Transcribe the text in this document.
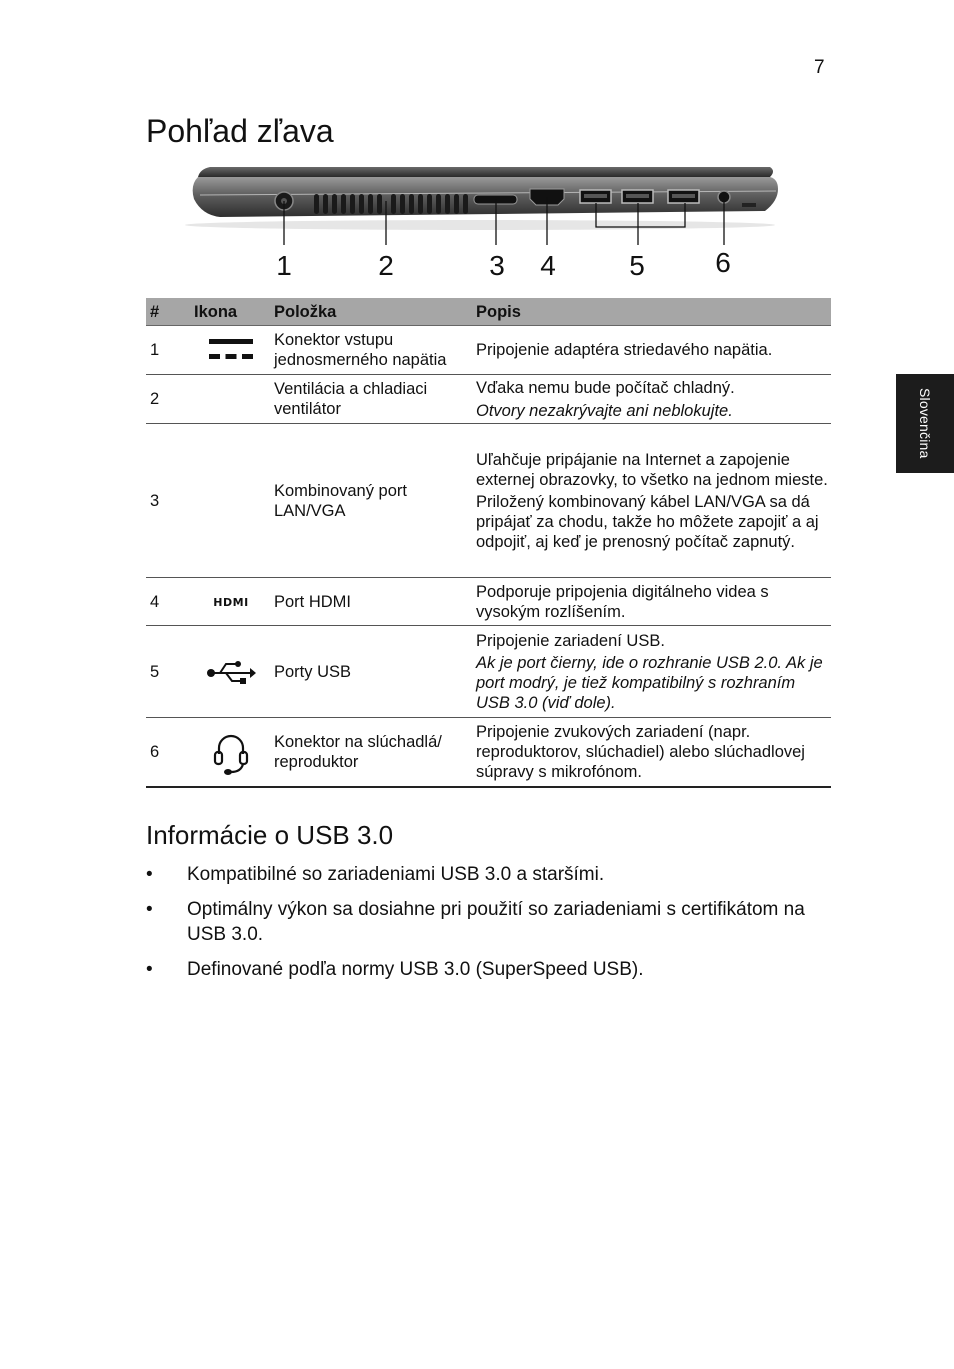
7
Slovenčina
Pohľad zľava
1	2	3 4	5	6
#	Ikona	Položka	Popis
1		Konektor vstupu jednosmerného napätia	Pripojenie adaptéra striedavého napätia.

2		Ventilácia a chladiaci ventilátor	Vďaka nemu bude počítač chladný.

Otvory nezakrývajte ani neblokujte.

3		Kombinovaný port LAN/VGA	Uľahčuje pripájanie na Internet a zapojenie externej obrazovky, to všetko na jednom mieste.

Priložený kombinovaný kábel LAN/VGA sa dá pripájať za chodu, takže ho môžete zapojiť a aj odpojiť, aj keď je prenosný počítač zapnutý.

4	HDMI	Port HDMI	Podporuje pripojenia digitálneho videa s vysokým rozlíšením.

5		Porty USB	Pripojenie zariadení USB.

Ak je port čierny, ide o rozhranie USB 2.0. Ak je port modrý, je tiež kompatibilný s rozhraním USB 3.0 (viď dole).

6		Konektor na slúchadlá/ reproduktor	Pripojenie zvukových zariadení (napr. reproduktorov, slúchadiel) alebo slúchadlovej súpravy s mikrofónom.

Informácie o USB 3.0
• Kompatibilné so zariadeniami USB 3.0 a staršími.
• Optimálny výkon sa dosiahne pri použití so zariadeniami s certifikátom na USB 3.0.
• Definované podľa normy USB 3.0 (SuperSpeed USB).
